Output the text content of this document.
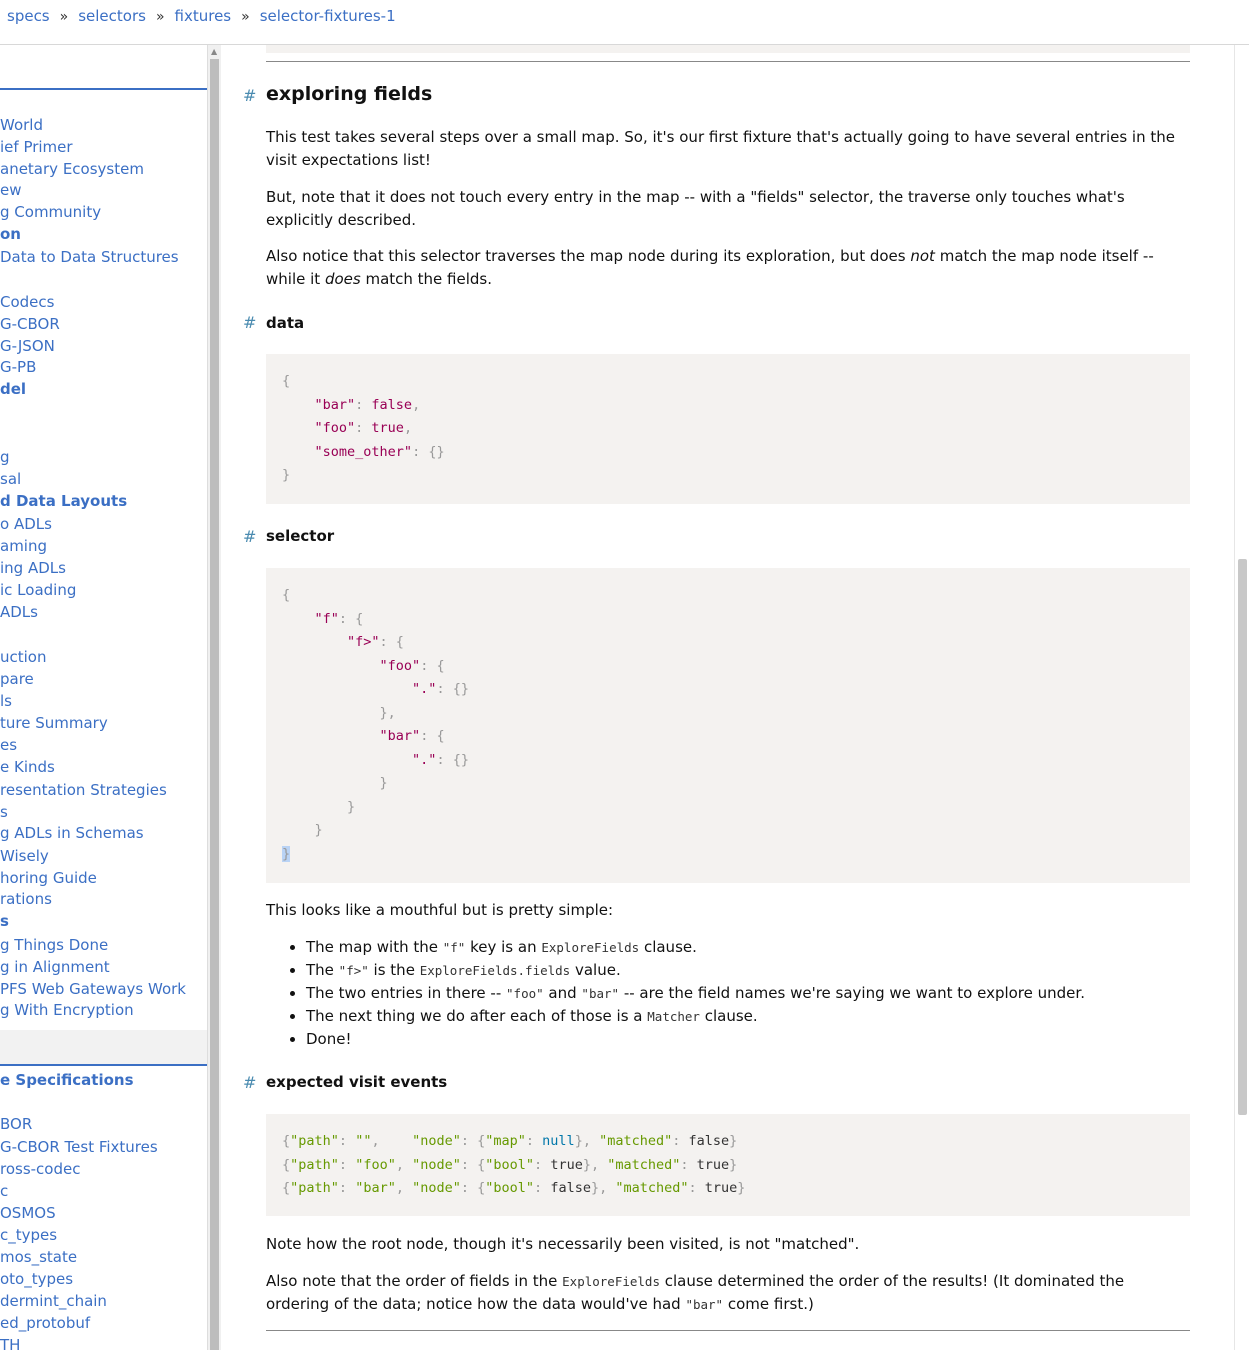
specs » selectors » fixtures » selector-fixtures-1
World
ief Primer
anetary Ecosystem
ew
g Community
on
Data to Data Structures
Codecs
G-CBOR
G-JSON
G-PB
del
g
sal
d Data Layouts
o ADLs
aming
ing ADLs
ic Loading
ADLs
uction
pare
ls
ture Summary
es
e Kinds
resentation Strategies
s
g ADLs in Schemas
Wisely
horing Guide
rations
s
g Things Done
g in Alignment
PFS Web Gateways Work
g With Encryption
e Specifications
BOR
G-CBOR Test Fixtures
ross-codec
c
OSMOS
c_types
mos_state
oto_types
dermint_chain
ed_protobuf
TH
▲
# exploring fields

This test takes several steps over a small map. So, it's our first fixture that's actually going to have several entries in the visit expectations list!

But, note that it does not touch every entry in the map -- with a "fields" selector, the traverse only touches what's explicitly described.

Also notice that this selector traverses the map node during its exploration, but does not match the map node itself -- while it does match the fields.

# data
{
"bar": false,
"foo": true,
"some_other": {}
}
# selector
{
"f": {
"f>": {
"foo": {
".": {}
},
"bar": {
".": {}
}
}
}
}

This looks like a mouthful but is pretty simple:

• The map with the "f" key is an ExploreFields clause.
• The "f>" is the ExploreFields.fields value.
• The two entries in there -- "foo" and "bar" -- are the field names we're saying we want to explore under.
• The next thing we do after each of those is a Matcher clause.
• Done!
# expected visit events
{"path": "",    "node": {"map": null}, "matched": false}
{"path": "foo", "node": {"bool": true}, "matched": true}
{"path": "bar", "node": {"bool": false}, "matched": true}

Note how the root node, though it's necessarily been visited, is not "matched".

Also note that the order of fields in the ExploreFields clause determined the order of the results! (It dominated the ordering of the data; notice how the data would've had "bar" come first.)
